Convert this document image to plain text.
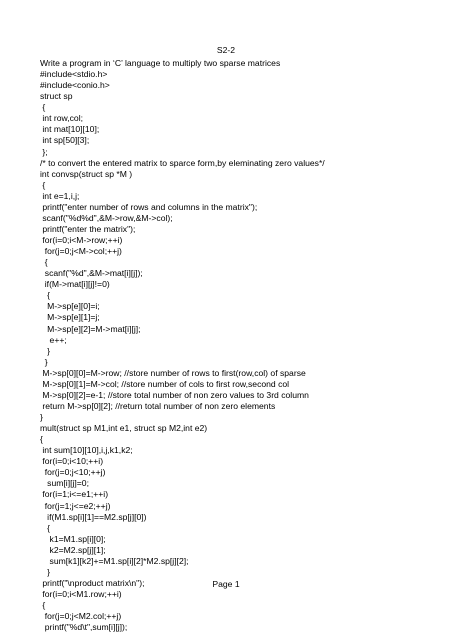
S2-2
Write a program in ‘C’ language to multiply two sparse matrices
#include<stdio.h>
#include<conio.h>
struct sp
{
int row,col;
int mat[10][10];
int sp[50][3];
};
/* to convert the entered matrix to sparce form,by eleminating zero values*/
int convsp(struct sp *M )
{
int e=1,i,j;
printf("enter number of rows and columns in the matrix");
scanf("%d%d",&M->row,&M->col);
printf("enter the matrix");
for(i=0;i<M->row;++i)
for(j=0;j<M->col;++j)
{
scanf("%d",&M->mat[i][j]);
if(M->mat[i][j]!=0)
{
M->sp[e][0]=i;
M->sp[e][1]=j;
M->sp[e][2]=M->mat[i][j];
e++;
}
}
M->sp[0][0]=M->row; //store number of rows to first(row,col) of sparse
M->sp[0][1]=M->col; //store number of cols to first row,second col
M->sp[0][2]=e-1; //store total number of non zero values to 3rd column
return M->sp[0][2]; //return total number of non zero elements
}
mult(struct sp M1,int e1, struct sp M2,int e2)
{
int sum[10][10],i,j,k1,k2;
for(i=0;i<10;++i)
for(j=0;j<10;++j)
sum[i][j]=0;
for(i=1;i<=e1;++i)
for(j=1;j<=e2;++j)
if(M1.sp[i][1]==M2.sp[j][0])
{
k1=M1.sp[i][0];
k2=M2.sp[j][1];
sum[k1][k2]+=M1.sp[i][2]*M2.sp[j][2];
}
printf("\nproduct matrix\n");
for(i=0;i<M1.row;++i)
{
for(j=0;j<M2.col;++j)
printf("%d\t",sum[i][j]);
Page 1
